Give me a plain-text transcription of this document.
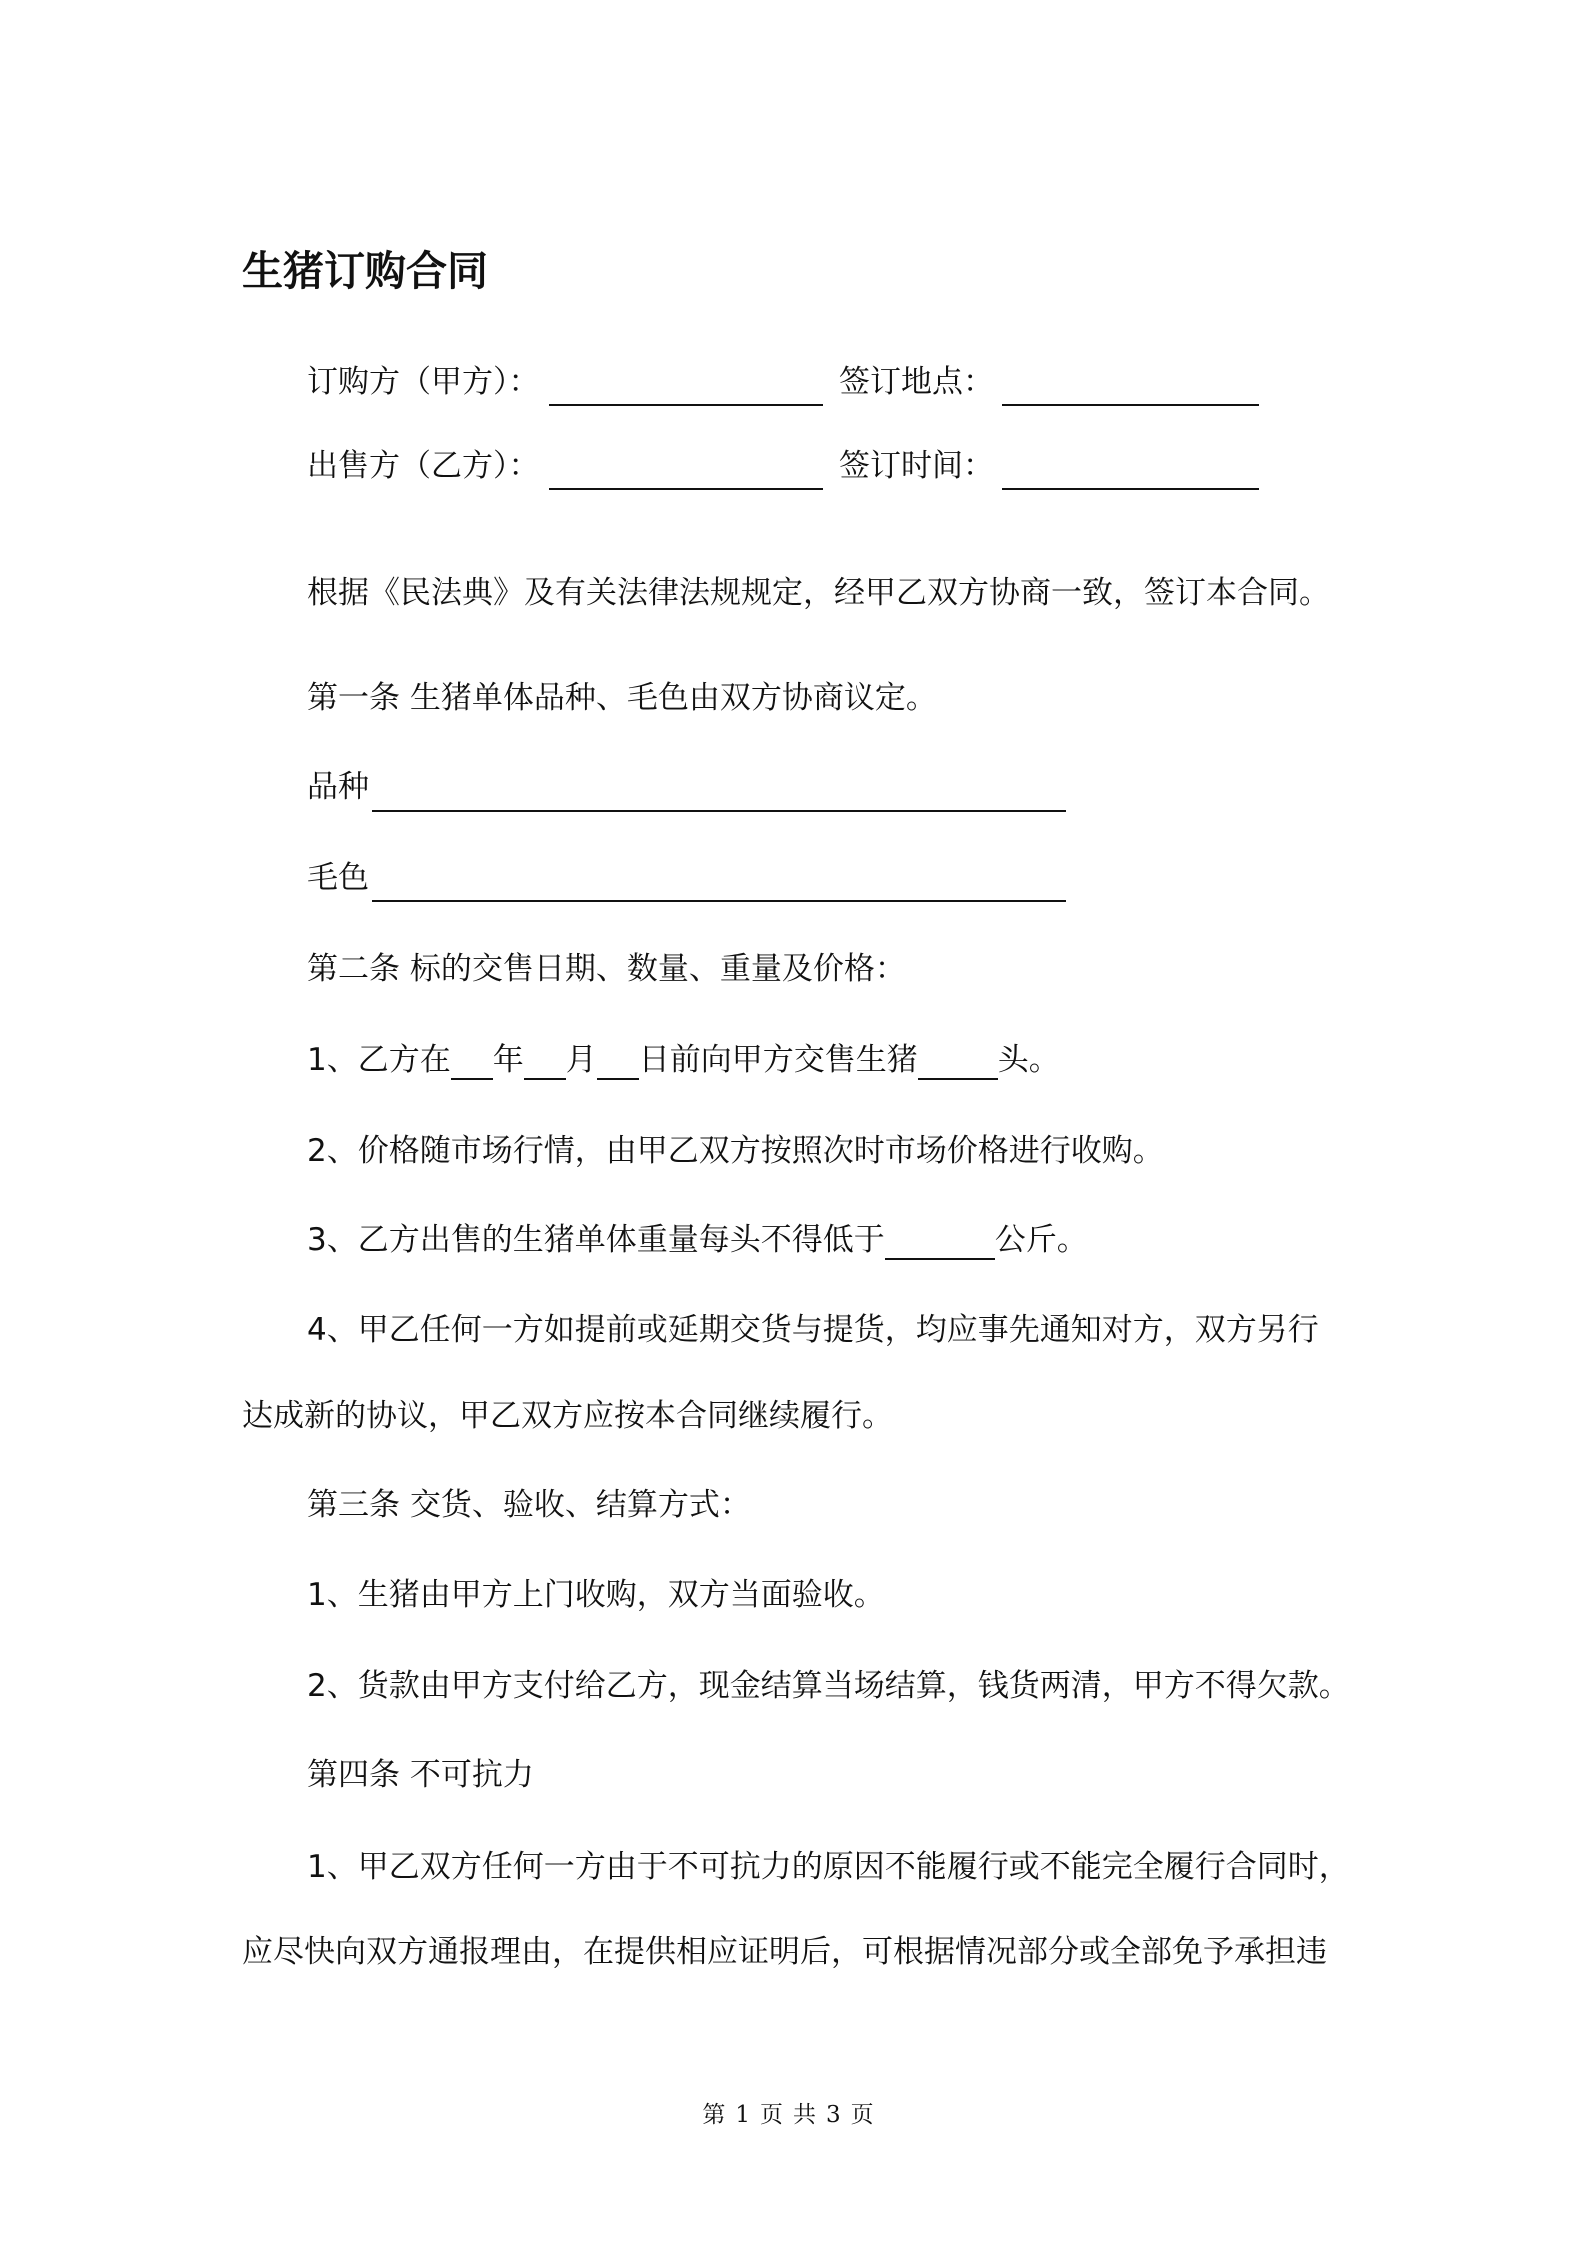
生猪订购合同
订购方（甲方）：	签订地点：
出售方（乙方）：	签订时间：
根据《民法典》及有关法律法规规定，经甲乙双方协商一致，签订本合同。
第一条 生猪单体品种、毛色由双方协商议定。
品种
毛色
第二条 标的交售日期、数量、重量及价格：
1、乙方在 年 月 日前向甲方交售生猪	头。
2、价格随市场行情，由甲乙双方按照次时市场价格进行收购。
3、乙方出售的生猪单体重量每头不得低于	公斤。
4、甲乙任何一方如提前或延期交货与提货，均应事先通知对方，双方另行
达成新的协议，甲乙双方应按本合同继续履行。
第三条 交货、验收、结算方式：
1、生猪由甲方上门收购，双方当面验收。
2、货款由甲方支付给乙方，现金结算当场结算，钱货两清，甲方不得欠款。
第四条 不可抗力
1、甲乙双方任何一方由于不可抗力的原因不能履行或不能完全履行合同时，
应尽快向双方通报理由，在提供相应证明后，可根据情况部分或全部免予承担违
第 1 页 共 3 页
